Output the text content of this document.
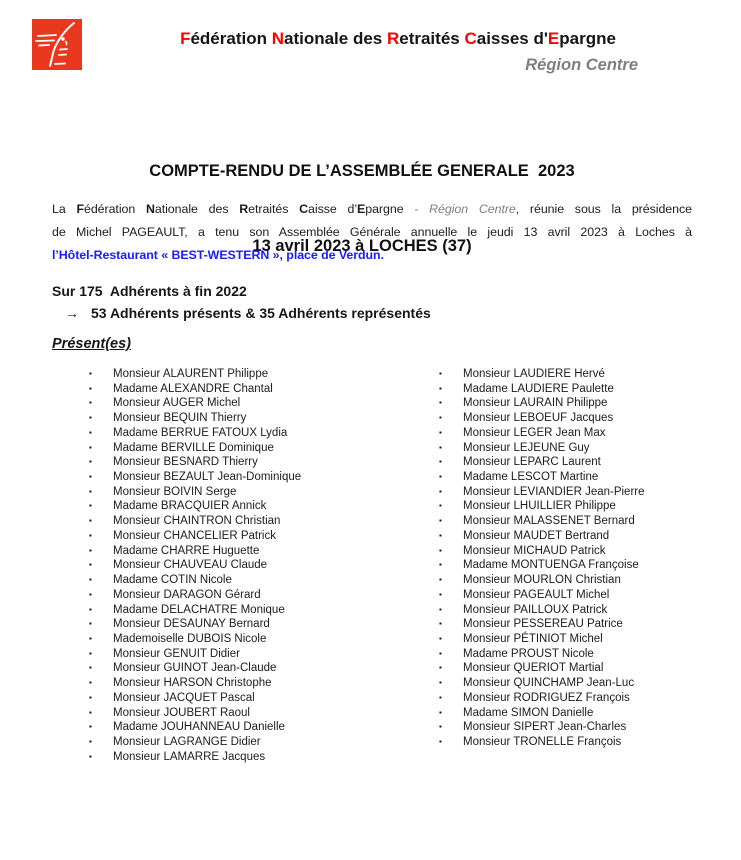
Fédération Nationale des Retraités Caisses d'Epargne
Région Centre

COMPTE-RENDU DE L’ASSEMBLÉE GENERALE  2023

13 avril 2023 à LOCHES (37)

La Fédération Nationale des Retraités Caisse d’Epargne - Région Centre, réunie sous la présidence
de Michel PAGEAULT, a tenu son Assemblée Générale annuelle le jeudi 13 avril 2023 à Loches à
l’Hôtel-Restaurant « BEST-WESTERN », place de Verdun.
Sur 175  Adhérents à fin 2022
→ 53 Adhérents présents & 35 Adhérents représentés
Présent(es)
▪	Monsieur ALAURENT Philippe
▪	Madame ALEXANDRE Chantal
▪	Monsieur AUGER Michel
▪	Monsieur BEQUIN Thierry
▪	Madame BERRUE FATOUX Lydia
▪	Madame BERVILLE Dominique
▪	Monsieur BESNARD Thierry
▪	Monsieur BEZAULT Jean-Dominique
▪	Monsieur BOIVIN Serge
▪	Madame BRACQUIER Annick
▪	Monsieur CHAINTRON Christian
▪	Monsieur CHANCELIER Patrick
▪	Madame CHARRE Huguette
▪	Monsieur CHAUVEAU Claude
▪	Madame COTIN Nicole
▪	Monsieur DARAGON Gérard
▪	Madame DELACHATRE Monique
▪	Monsieur DESAUNAY Bernard
▪	Mademoiselle DUBOIS Nicole
▪	Monsieur GENUIT Didier
▪	Monsieur GUINOT Jean-Claude
▪	Monsieur HARSON Christophe
▪	Monsieur JACQUET Pascal
▪	Monsieur JOUBERT Raoul
▪	Madame JOUHANNEAU Danielle
▪	Monsieur LAGRANGE Didier
▪	Monsieur LAMARRE Jacques
▪	Monsieur LAUDIERE Hervé
▪	Madame LAUDIERE Paulette
▪	Monsieur LAURAIN Philippe
▪	Monsieur LEBOEUF Jacques
▪	Monsieur LEGER Jean Max
▪	Monsieur LEJEUNE Guy
▪	Monsieur LEPARC Laurent
▪	Madame LESCOT Martine
▪	Monsieur LEVIANDIER Jean-Pierre
▪	Monsieur LHUILLIER Philippe
▪	Monsieur MALASSENET Bernard
▪	Monsieur MAUDET Bertrand
▪	Monsieur MICHAUD Patrick
▪	Madame MONTUENGA Françoise
▪	Monsieur MOURLON Christian
▪	Monsieur PAGEAULT Michel
▪	Monsieur PAILLOUX Patrick
▪	Monsieur PESSEREAU Patrice
▪	Monsieur PÉTINIOT Michel
▪	Madame PROUST Nicole
▪	Monsieur QUERIOT Martial
▪	Monsieur QUINCHAMP Jean-Luc
▪	Monsieur RODRIGUEZ François
▪	Madame SIMON Danielle
▪	Monsieur SIPERT Jean-Charles
▪	Monsieur TRONELLE François
